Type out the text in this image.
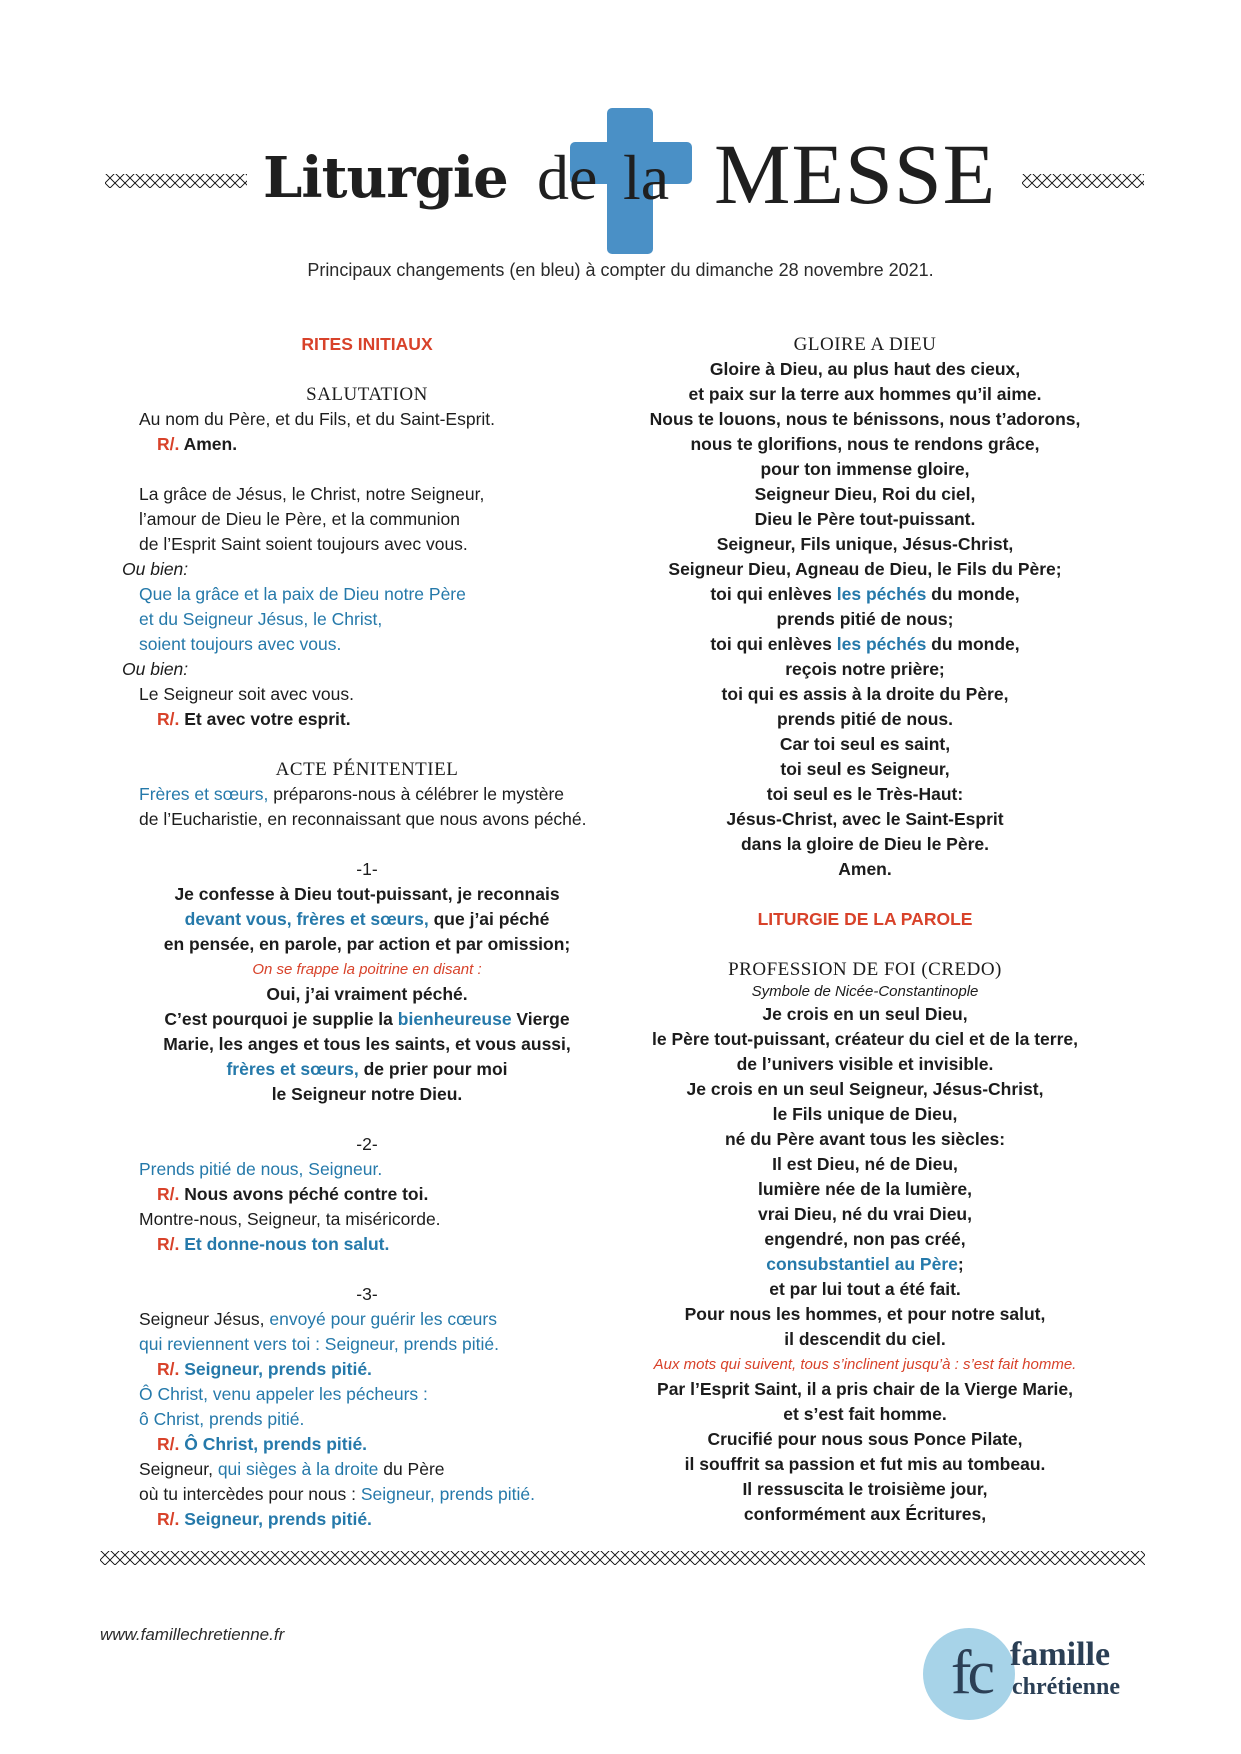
Liturgie de la MESSE
Principaux changements (en bleu) à compter du dimanche 28 novembre 2021.
RITES INITIAUX
SALUTATION
Au nom du Père, et du Fils, et du Saint-Esprit.
R/. Amen.
La grâce de Jésus, le Christ, notre Seigneur,
l’amour de Dieu le Père, et la communion
de l’Esprit Saint soient toujours avec vous.
Ou bien:
Que la grâce et la paix de Dieu notre Père
et du Seigneur Jésus, le Christ,
soient toujours avec vous.
Ou bien:
Le Seigneur soit avec vous.
R/. Et avec votre esprit.
ACTE PÉNITENTIEL
Frères et sœurs, préparons-nous à célébrer le mystère
de l’Eucharistie, en reconnaissant que nous avons péché.
-1-
Je confesse à Dieu tout-puissant, je reconnais
devant vous, frères et sœurs, que j’ai péché
en pensée, en parole, par action et par omission;
On se frappe la poitrine en disant :
Oui, j’ai vraiment péché.
C’est pourquoi je supplie la bienheureuse Vierge
Marie, les anges et tous les saints, et vous aussi,
frères et sœurs, de prier pour moi
le Seigneur notre Dieu.
-2-
Prends pitié de nous, Seigneur.
R/. Nous avons péché contre toi.
Montre-nous, Seigneur, ta miséricorde.
R/. Et donne-nous ton salut.
-3-
Seigneur Jésus, envoyé pour guérir les cœurs
qui reviennent vers toi : Seigneur, prends pitié.
R/. Seigneur, prends pitié.
Ô Christ, venu appeler les pécheurs :
ô Christ, prends pitié.
R/. Ô Christ, prends pitié.
Seigneur, qui sièges à la droite du Père
où tu intercèdes pour nous : Seigneur, prends pitié.
R/. Seigneur, prends pitié.
GLOIRE A DIEU
Gloire à Dieu, au plus haut des cieux,
et paix sur la terre aux hommes qu’il aime.
Nous te louons, nous te bénissons, nous t’adorons,
nous te glorifions, nous te rendons grâce,
pour ton immense gloire,
Seigneur Dieu, Roi du ciel,
Dieu le Père tout-puissant.
Seigneur, Fils unique, Jésus-Christ,
Seigneur Dieu, Agneau de Dieu, le Fils du Père;
toi qui enlèves les péchés du monde,
prends pitié de nous;
toi qui enlèves les péchés du monde,
reçois notre prière;
toi qui es assis à la droite du Père,
prends pitié de nous.
Car toi seul es saint,
toi seul es Seigneur,
toi seul es le Très-Haut:
Jésus-Christ, avec le Saint-Esprit
dans la gloire de Dieu le Père.
Amen.
LITURGIE DE LA PAROLE
PROFESSION DE FOI (CREDO)
Symbole de Nicée-Constantinople
Je crois en un seul Dieu,
le Père tout-puissant, créateur du ciel et de la terre,
de l’univers visible et invisible.
Je crois en un seul Seigneur, Jésus-Christ,
le Fils unique de Dieu,
né du Père avant tous les siècles:
Il est Dieu, né de Dieu,
lumière née de la lumière,
vrai Dieu, né du vrai Dieu,
engendré, non pas créé,
consubstantiel au Père;
et par lui tout a été fait.
Pour nous les hommes, et pour notre salut,
il descendit du ciel.
Aux mots qui suivent, tous s’inclinent jusqu’à : s’est fait homme.
Par l’Esprit Saint, il a pris chair de la Vierge Marie,
et s’est fait homme.
Crucifié pour nous sous Ponce Pilate,
il souffrit sa passion et fut mis au tombeau.
Il ressuscita le troisième jour,
conformément aux Écritures,
www.famillechretienne.fr
fc famille
chrétienne
